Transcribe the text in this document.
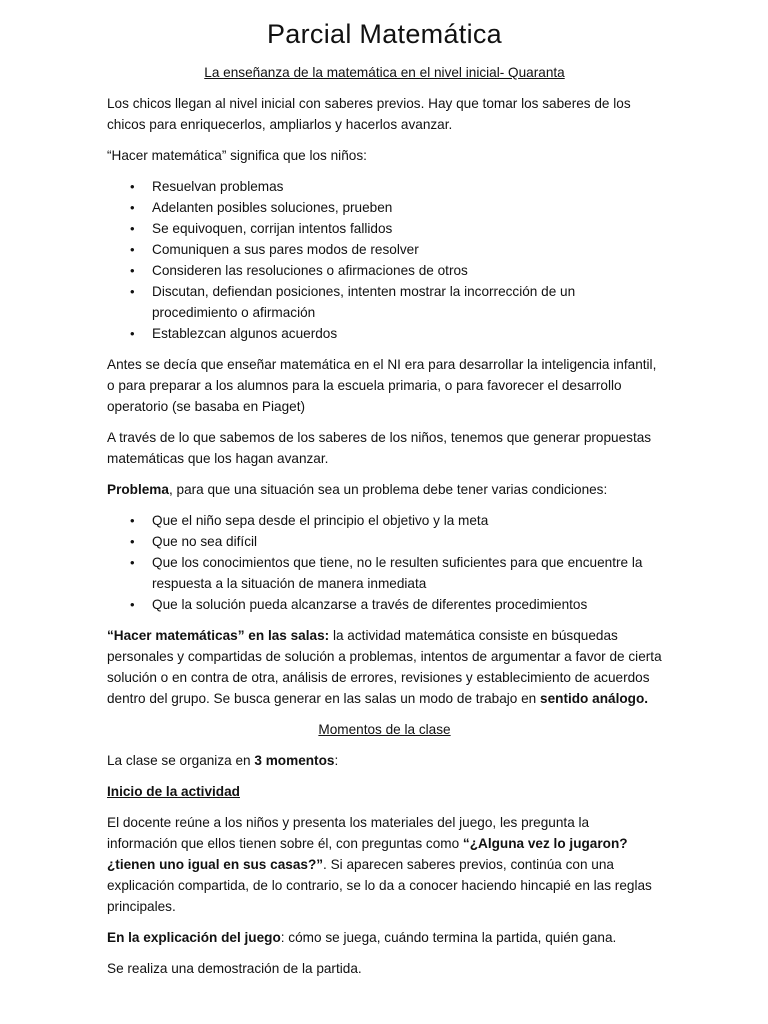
Parcial Matemática
La enseñanza de la matemática en el nivel inicial- Quaranta

Los chicos llegan al nivel inicial con saberes previos. Hay que tomar los saberes de los chicos para enriquecerlos, ampliarlos y hacerlos avanzar.

“Hacer matemática” significa que los niños:

• Resuelvan problemas
• Adelanten posibles soluciones, prueben
• Se equivoquen, corrijan intentos fallidos
• Comuniquen a sus pares modos de resolver
• Consideren las resoluciones o afirmaciones de otros
• Discutan, defiendan posiciones, intenten mostrar la incorrección de un procedimiento o afirmación
• Establezcan algunos acuerdos

Antes se decía que enseñar matemática en el NI era para desarrollar la inteligencia infantil, o para preparar a los alumnos para la escuela primaria, o para favorecer el desarrollo operatorio (se basaba en Piaget)

A través de lo que sabemos de los saberes de los niños, tenemos que generar propuestas matemáticas que los hagan avanzar.

Problema, para que una situación sea un problema debe tener varias condiciones:

• Que el niño sepa desde el principio el objetivo y la meta
• Que no sea difícil
• Que los conocimientos que tiene, no le resulten suficientes para que encuentre la respuesta a la situación de manera inmediata
• Que la solución pueda alcanzarse a través de diferentes procedimientos

“Hacer matemáticas” en las salas: la actividad matemática consiste en búsquedas personales y compartidas de solución a problemas, intentos de argumentar a favor de cierta solución o en contra de otra, análisis de errores, revisiones y establecimiento de acuerdos dentro del grupo. Se busca generar en las salas un modo de trabajo en sentido análogo.

Momentos de la clase

La clase se organiza en 3 momentos:

Inicio de la actividad

El docente reúne a los niños y presenta los materiales del juego, les pregunta la información que ellos tienen sobre él, con preguntas como “¿Alguna vez lo jugaron? ¿tienen uno igual en sus casas?”. Si aparecen saberes previos, continúa con una explicación compartida, de lo contrario, se lo da a conocer haciendo hincapié en las reglas principales.

En la explicación del juego: cómo se juega, cuándo termina la partida, quién gana.

Se realiza una demostración de la partida.
